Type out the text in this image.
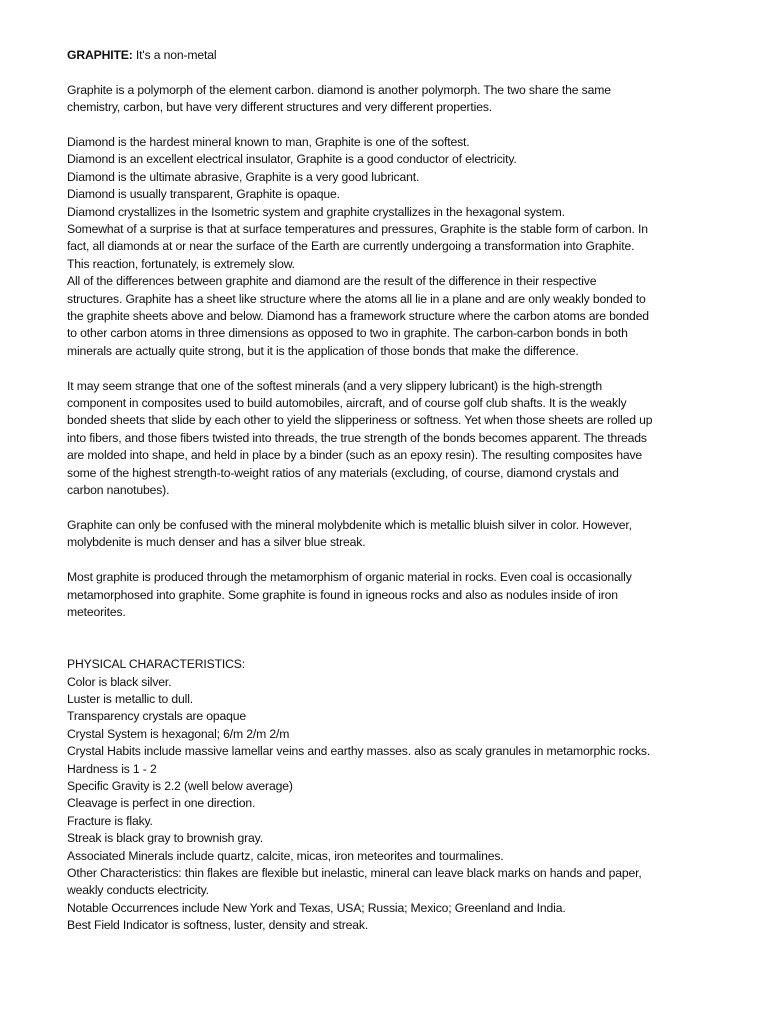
GRAPHITE: It's a non-metal
Graphite is a polymorph of the element carbon. diamond is another polymorph. The two share the same
chemistry, carbon, but have very different structures and very different properties.
Diamond is the hardest mineral known to man, Graphite is one of the softest.
Diamond is an excellent electrical insulator, Graphite is a good conductor of electricity.
Diamond is the ultimate abrasive, Graphite is a very good lubricant.
Diamond is usually transparent, Graphite is opaque.
Diamond crystallizes in the Isometric system and graphite crystallizes in the hexagonal system.
Somewhat of a surprise is that at surface temperatures and pressures, Graphite is the stable form of carbon. In
fact, all diamonds at or near the surface of the Earth are currently undergoing a transformation into Graphite.
This reaction, fortunately, is extremely slow.
All of the differences between graphite and diamond are the result of the difference in their respective
structures. Graphite has a sheet like structure where the atoms all lie in a plane and are only weakly bonded to
the graphite sheets above and below. Diamond has a framework structure where the carbon atoms are bonded
to other carbon atoms in three dimensions as opposed to two in graphite. The carbon-carbon bonds in both
minerals are actually quite strong, but it is the application of those bonds that make the difference.
It may seem strange that one of the softest minerals (and a very slippery lubricant) is the high-strength
component in composites used to build automobiles, aircraft, and of course golf club shafts. It is the weakly
bonded sheets that slide by each other to yield the slipperiness or softness. Yet when those sheets are rolled up
into fibers, and those fibers twisted into threads, the true strength of the bonds becomes apparent. The threads
are molded into shape, and held in place by a binder (such as an epoxy resin). The resulting composites have
some of the highest strength-to-weight ratios of any materials (excluding, of course, diamond crystals and
carbon nanotubes).
Graphite can only be confused with the mineral molybdenite which is metallic bluish silver in color. However,
molybdenite is much denser and has a silver blue streak.
Most graphite is produced through the metamorphism of organic material in rocks. Even coal is occasionally
metamorphosed into graphite. Some graphite is found in igneous rocks and also as nodules inside of iron
meteorites.
PHYSICAL CHARACTERISTICS:
Color is black silver.
Luster is metallic to dull.
Transparency crystals are opaque
Crystal System is hexagonal; 6/m 2/m 2/m
Crystal Habits include massive lamellar veins and earthy masses. also as scaly granules in metamorphic rocks.
Hardness is 1 - 2
Specific Gravity is 2.2 (well below average)
Cleavage is perfect in one direction.
Fracture is flaky.
Streak is black gray to brownish gray.
Associated Minerals include quartz, calcite, micas, iron meteorites and tourmalines.
Other Characteristics: thin flakes are flexible but inelastic, mineral can leave black marks on hands and paper,
weakly conducts electricity.
Notable Occurrences include New York and Texas, USA; Russia; Mexico; Greenland and India.
Best Field Indicator is softness, luster, density and streak.
